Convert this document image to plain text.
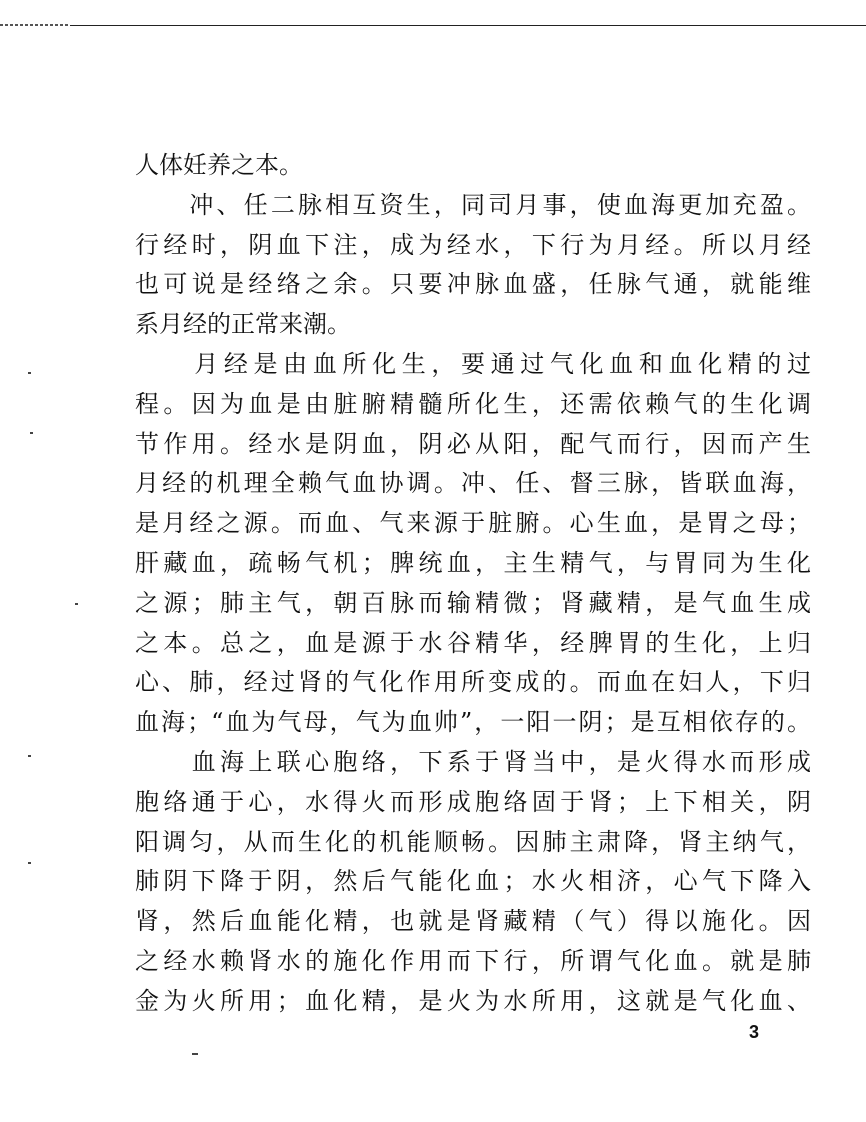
人体妊养之本。
　　冲、任二脉相互资生，同司月事，使血海更加充盈。
行经时，阴血下注，成为经水，下行为月经。所以月经
也可说是经络之余。只要冲脉血盛，任脉气通，就能维
系月经的正常来潮。
　　月经是由血所化生，要通过气化血和血化精的过
程。因为血是由脏腑精髓所化生，还需依赖气的生化调
节作用。经水是阴血，阴必从阳，配气而行，因而产生
月经的机理全赖气血协调。冲、任、督三脉，皆联血海，
是月经之源。而血、气来源于脏腑。心生血，是胃之母；
肝藏血，疏畅气机；脾统血，主生精气，与胃同为生化
之源；肺主气，朝百脉而输精微；肾藏精，是气血生成
之本。总之，血是源于水谷精华，经脾胃的生化，上归
心、肺，经过肾的气化作用所变成的。而血在妇人，下归
血海；“血为气母，气为血帅”，一阳一阴；是互相依存的。
　　血海上联心胞络，下系于肾当中，是火得水而形成
胞络通于心，水得火而形成胞络固于肾；上下相关，阴
阳调匀，从而生化的机能顺畅。因肺主肃降，肾主纳气，
肺阴下降于阴，然后气能化血；水火相济，心气下降入
肾，然后血能化精，也就是肾藏精（气）得以施化。因
之经水赖肾水的施化作用而下行，所谓气化血。就是肺
金为火所用；血化精，是火为水所用，这就是气化血、
3
